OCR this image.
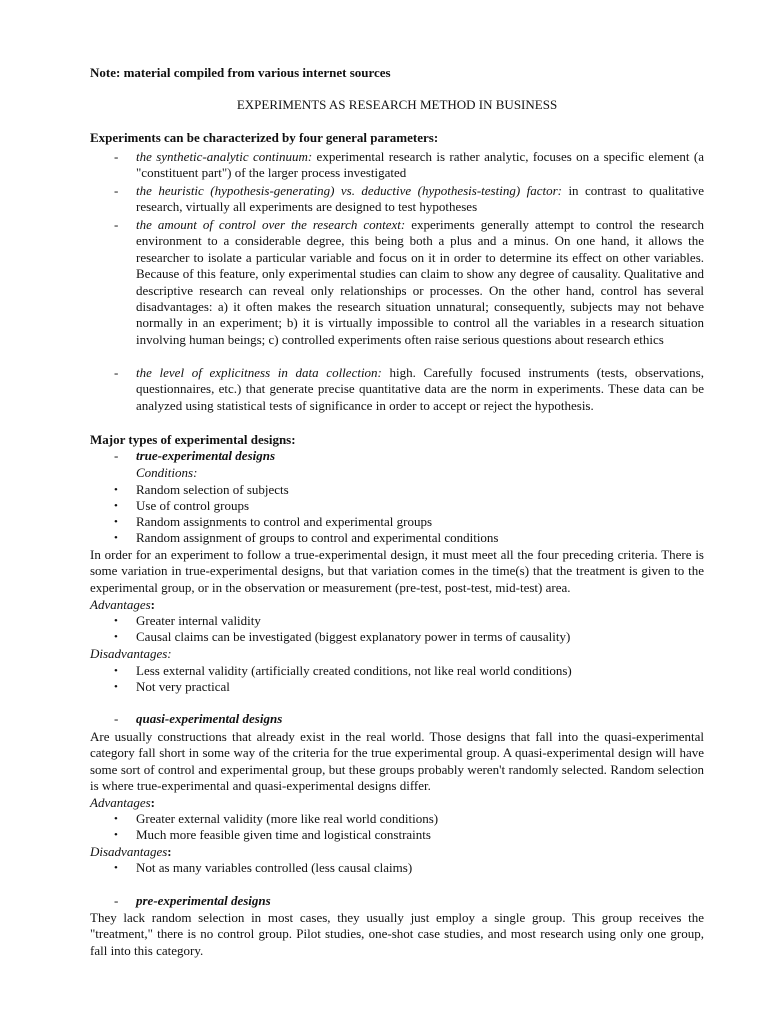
Note: material compiled from various internet sources

EXPERIMENTS AS RESEARCH METHOD IN BUSINESS

Experiments can be characterized by four general parameters:

- the synthetic-analytic continuum: experimental research is rather analytic, focuses on a specific element (a "constituent part") of the larger process investigated

- the heuristic (hypothesis-generating) vs. deductive (hypothesis-testing) factor: in contrast to qualitative research, virtually all experiments are designed to test hypotheses

- the amount of control over the research context: experiments generally attempt to control the research environment to a considerable degree, this being both a plus and a minus. On one hand, it allows the researcher to isolate a particular variable and focus on it in order to determine its effect on other variables. Because of this feature, only experimental studies can claim to show any degree of causality. Qualitative and descriptive research can reveal only relationships or processes. On the other hand, control has several disadvantages: a) it often makes the research situation unnatural; consequently, subjects may not behave normally in an experiment; b) it is virtually impossible to control all the variables in a research situation involving human beings; c) controlled experiments often raise serious questions about research ethics

- the level of explicitness in data collection: high. Carefully focused instruments (tests, observations, questionnaires, etc.) that generate precise quantitative data are the norm in experiments. These data can be analyzed using statistical tests of significance in order to accept or reject the hypothesis.

Major types of experimental designs:

- true-experimental designs

Conditions:

• Random selection of subjects

• Use of control groups

• Random assignments to control and experimental groups

• Random assignment of groups to control and experimental conditions

In order for an experiment to follow a true-experimental design, it must meet all the four preceding criteria. There is some variation in true-experimental designs, but that variation comes in the time(s) that the treatment is given to the experimental group, or in the observation or measurement (pre-test, post-test, mid-test) area.

Advantages:

• Greater internal validity

• Causal claims can be investigated (biggest explanatory power in terms of causality)

Disadvantages:

• Less external validity (artificially created conditions, not like real world conditions)

• Not very practical

- quasi-experimental designs

Are usually constructions that already exist in the real world. Those designs that fall into the quasi-experimental category fall short in some way of the criteria for the true experimental group. A quasi-experimental design will have some sort of control and experimental group, but these groups probably weren't randomly selected. Random selection is where true-experimental and quasi-experimental designs differ.

Advantages:

• Greater external validity (more like real world conditions)

• Much more feasible given time and logistical constraints

Disadvantages:

• Not as many variables controlled (less causal claims)

- pre-experimental designs

They lack random selection in most cases, they usually just employ a single group. This group receives the "treatment," there is no control group. Pilot studies, one-shot case studies, and most research using only one group, fall into this category.
